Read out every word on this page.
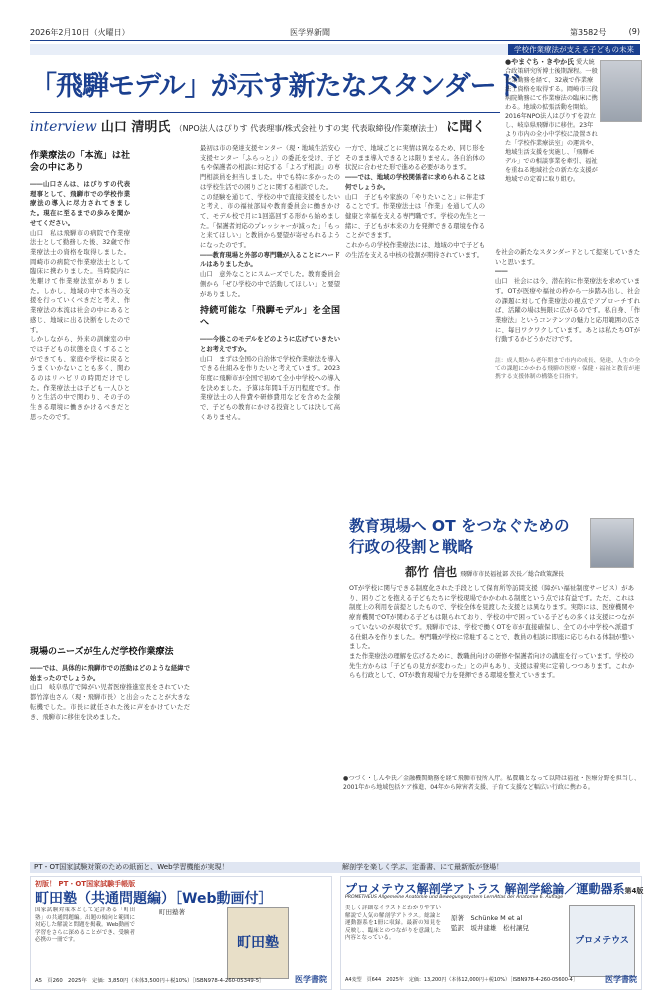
2026年2月10日（火曜日）	医学界新聞	第3582号	(9)
学校作業療法が支える子どもの未来
「飛騨モデル」が示す新たなスタンダード
interview 山口 清明氏 （NPO法人はぴりす 代表理事/株式会社りすの実 代表取締役/作業療法士） に聞く
●やまぐち・きやか氏 愛大統合政策研究所博士後期課程。一般企業勤務を経て、32歳で作業療法士資格を取得する。岡崎市三段病院勤務にて作業療法の臨床に携わる。地域の拡張活動を開始。2016年NPO法人はぴりすを設立し、岐阜県飛騨市に移住。23年より市内の全小中学校に設置された「学校作業療法室」の運営や、地域生活支援を実施し、「飛騨モデル」での相談事業を牽引、福祉を重ねる地域社会の新たな支援が地域での定着に取り組む。
作業療法の「本流」は社会の中にあり

――山口さんは、はぴりすの代表理事として、飛騨市での学校作業療法の導入に尽力されてきました。現在に至るまでの歩みを聞かせてください。

山口　私は飛騨市の病院で作業療法士として勤務した後、32歳で作業療法士の資格を取得しました。岡崎市の病院で作業療法士として臨床に携わりました。当時院内に先駆けて作業療法室がありました。しかし、地域の中で本当の支援を行っていくべきだと考え、作業療法の本流は社会の中にあると感じ、地域に出る決断をしたのです。

しかしながら、外来の訓練室の中では子どもの状態を良くすることができても、家庭や学校に戻るとうまくいかないことも多く、関わるのはリハビリの時間だけでした。作業療法士は子ども一人ひとりと生活の中で関わり、その子の生きる環境に働きかけるべきだと思ったのです。

現場のニーズが生んだ学校作業療法

――では、具体的に飛騨市での活動はどのような経緯で始まったのでしょうか。

山口　岐阜県庁で障がい児者医療推進室長をされていた都竹淳也さん（現・飛騨市長）と出会ったことが大きな転機でした。市長に就任された後に声をかけていただき、飛騨市に移住を決めました。

最初は市の発達支援センター（現・地域生活安心支援センター「ふらっと」）の委託を受け、子どもや保護者の相談に対応する「よろず相談」の専門相談員を担当しました。中でも特に多かったのは学校生活での困りごとに関する相談でした。

この経験を通じて、学校の中で直接支援をしたいと考え、市の福祉部局や教育委員会に働きかけて、モデル校で月に1回巡回する形から始めました。「保護者対応のプレッシャーが減った」「もっと来てほしい」と教員から要望が寄せられるようになったのです。

――教育現場と外部の専門職が入ることにハードルはありましたか。

山口　意外なことにスムーズでした。教育委員会側から「ぜひ学校の中で活動してほしい」と要望がありました。

持続可能な「飛騨モデル」を全国へ

――今後このモデルをどのように広げていきたいとお考えですか。

山口　まずは全国の自治体で学校作業療法を導入できる仕組みを作りたいと考えています。2023年度に飛騨市が全国で初めて全小中学校への導入を決めました。予算は年間1千万円程度です。作業療法士の人件費や研修費用などを含めた金額で、子どもの教育にかける投資としては決して高くありません。

一方で、地域ごとに実情は異なるため、同じ形をそのまま導入できるとは限りません。各自治体の状況に合わせた形で進める必要があります。

――では、地域の学校関係者に求められることは何でしょうか。

山口　子どもや家族の「やりたいこと」に伴走することです。作業療法士は「作業」を通して人の健康と幸福を支える専門職です。学校の先生と一緒に、子どもが本来の力を発揮できる環境を作ることができます。

これからの学校作業療法には、地域の中で子どもの生活を支える中核の役割が期待されています。	を社会の新たなスタンダードとして提案していきたいと思います。

――

山口　社会には今、潜在的に作業療法を求めています。OTが医療や福祉の枠から一歩踏み出し、社会の課題に対して作業療法の視点でアプローチすれば、活躍の場は無限に広がるのです。私自身、「作業療法」というコンテンツの魅力と応用範囲の広さに、毎日ワクワクしています。あとは私たちOTが行動するかどうかだけです。

註：成人期から老年期まで市内の成長、発達、人生の全ての課題にかかわる飛騨の医療・保健・福祉と教育が連携する支援体制の構築を目指す。

教育現場へ OT をつなぐための
行政の役割と戦略
都竹 信也 飛騨市市民福祉部 次長／総合政策課長

OTが学校に関与できる制度化された手段として保育所等訪問支援（障がい福祉制度サービス）があり、困りごとを抱える子どもたちに学校現場でかかわれる制度という点では有益です。ただ、これは制度上の利用を前提としたもので、学校全体を見渡した支援とは異なります。実際には、医療機関や療育機関でOTが関わる子どもは限られており、学校の中で困っている子どもの多くは支援につながっていないのが現状です。飛騨市では、学校で働くOTを市が直接確保し、全ての小中学校へ派遣する仕組みを作りました。専門職が学校に常駐することで、教員の相談に即座に応じられる体制が整いました。

また作業療法の理解を広げるために、教職員向けの研修や保護者向けの講座を行っています。学校の先生方からは「子どもの見方が変わった」との声もあり、支援は着実に定着しつつあります。これからも行政として、OTが教育現場で力を発揮できる環境を整えていきます。

●つづく・しんや氏／金融機関勤務を経て飛騨市役所入庁。私費職となって以降は福祉・医療分野を担当し、2001年から地域包括ケア推進、04年から障害者支援、子育て支援など幅広い行政に携わる。
PT・OT国家試験対策のための紙面と、Web学習機能が実現！	解剖学を楽しく学ぶ、定番書、にて最新版が登場！
初版！ PT・OT国家試験手帳版
町田塾（共通問題編）［Web動画付］
国家試験対策本として定評ある「町田塾」の共通問題編。出題の傾向と範囲に対応した解説と問題を掲載。Web動画で学習をさらに深めることができ、受験者必携の一冊です。
町田塾著
町田塾
A5　頁260　2025年　定価：3,850円（本体3,500円＋税10%）［ISBN978-4-260-05349-5］	医学書院
プロメテウス解剖学アトラス 解剖学総論／運動器系第4版
PROMETHEUS Allgemeine Anatomie und Bewegungssystem LernAtlas der Anatomie 6. Auflage
美しく詳細なイラストとわかりやすい解説で人気の解剖学アトラス。総論と運動器系を1冊に収録。最新の知見を反映し、臨床とのつながりを意識した内容となっている。
原著　 Schünke M et al
監訳　 坂井建雄　松村讓兒
プロメテウス
A4変型　頁644　2025年　定価：13,200円（本体12,000円＋税10%）［ISBN978-4-260-05600-4］	医学書院
